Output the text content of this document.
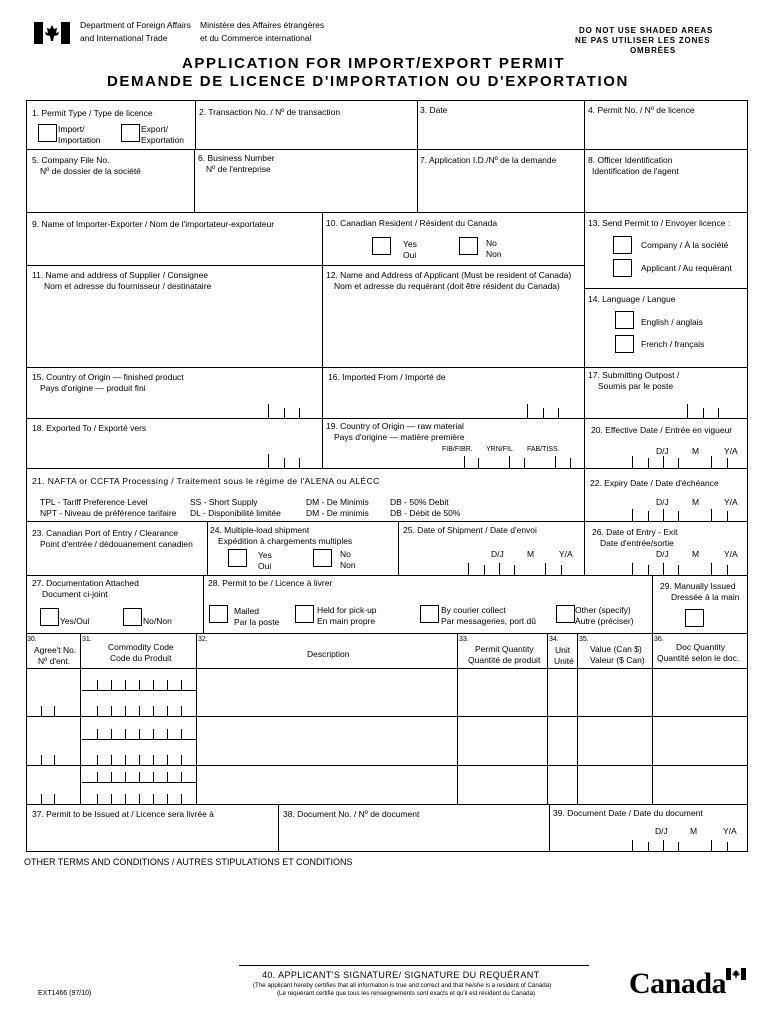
Department of Foreign Affairs
and International Trade
Ministère des Affaires étrangères
et du Commerce international
DO NOT USE SHADED AREAS
NE PAS UTILISER LES ZONES
OMBRÉES
APPLICATION FOR IMPORT/EXPORT PERMIT
DEMANDE DE LICENCE D'IMPORTATION OU D'EXPORTATION
1. Permit Type / Type de licence
Import/
Importation
Export/
Exportation
2. Transaction No. / Nº de transaction	3. Date	4. Permit No. / Nº de licence
5. Company File No.
Nº de dossier de la société
6. Business Number
Nº de l'entreprise
7. Application I.D./Nº de la demande	8. Officer Identification
Identification de l'agent
9. Name of Importer-Exporter / Nom de l'importateur-exportateur	10. Canadian Resident / Résident du Canada
Yes
Oui
No
Non
13. Send Permit to / Envoyer licence :
Company / À la société
Applicant / Au requérant
11. Name and address of Supplier / Consignee
Nom et adresse du fournisseur / destinataire
12. Name and Address of Applicant (Must be resident of Canada)
Nom et adresse du requérant (doit être résident du Canada)
14. Language / Langue
English / anglais
French / français
15. Country of Origin — finished product
Pays d'origine — produit fini
16. Imported From / Importé de	17. Submitting Outpost /
Soumis par le poste
18. Exported To / Exporté vers	19. Country of Origin — raw material
Pays d'origine — matière première
FIB/FIBR. YRN/FIL FAB/TISS.
20. Effective Date / Entrée en vigueur
D/J	M	Y/A
21. NAFTA or CCFTA Processing / Traitement sous le régime de l'ALENA ou ALÉCC
TPL - Tariff Preference Level
NPT - Niveau de préférence tarifaire
SS - Short Supply
DL - Disponibilité limitée
DM - De Minimis
DM - De minimis
DB - 50% Debit
DB - Débit de 50%
22. Expiry Date / Date d'échéance
D/J	M	Y/A
23. Canadian Port of Entry / Clearance
Point d'entrée / dédouanement canadien
24. Multiple-load shipment
Expédition à chargements multiples
Yes
Oui
No
Non
25. Date of Shipment / Date d'envoi
D/J	M	Y/A
26. Date of Entry - Exit
Date d'entrée/sortie
D/J	M	Y/A
27. Documentation Attached
Document ci-joint
Yes/Oui	No/Non
28. Permit to be / Licence à livrer
Mailed
Par la poste
Held for pick-up
En main propre
By courier collect
Par messageries, port dû
Other (specify)
Autre (préciser)
29. Manually Issued
Dressée à la main
30.
Agree't No.
Nº d'ent.
31.
Commodity Code
Code du Produit
32.
Description
33.
Permit Quantity
Quantité de produit
34.
Unit
Unité
35.
Value (Can $)
Valeur ($ Can)
36.
Doc Quantity
Quantité selon le doc.
37. Permit to be Issued at / Licence sera livrée à	38. Document No. / Nº de document	39. Document Date / Date du document
D/J	M	Y/A
OTHER TERMS AND CONDITIONS / AUTRES STIPULATIONS ET CONDITIONS
40. APPLICANT'S SIGNATURE/ SIGNATURE DU REQUÉRANT
(The applicant hereby certifies that all information is true and correct and that he/she is a resident of Canada)
(Le requérant certifie que tous les renseignements sont exacts et qu'il est résident du Canada)
EXT1466 (97/10)	Canada
